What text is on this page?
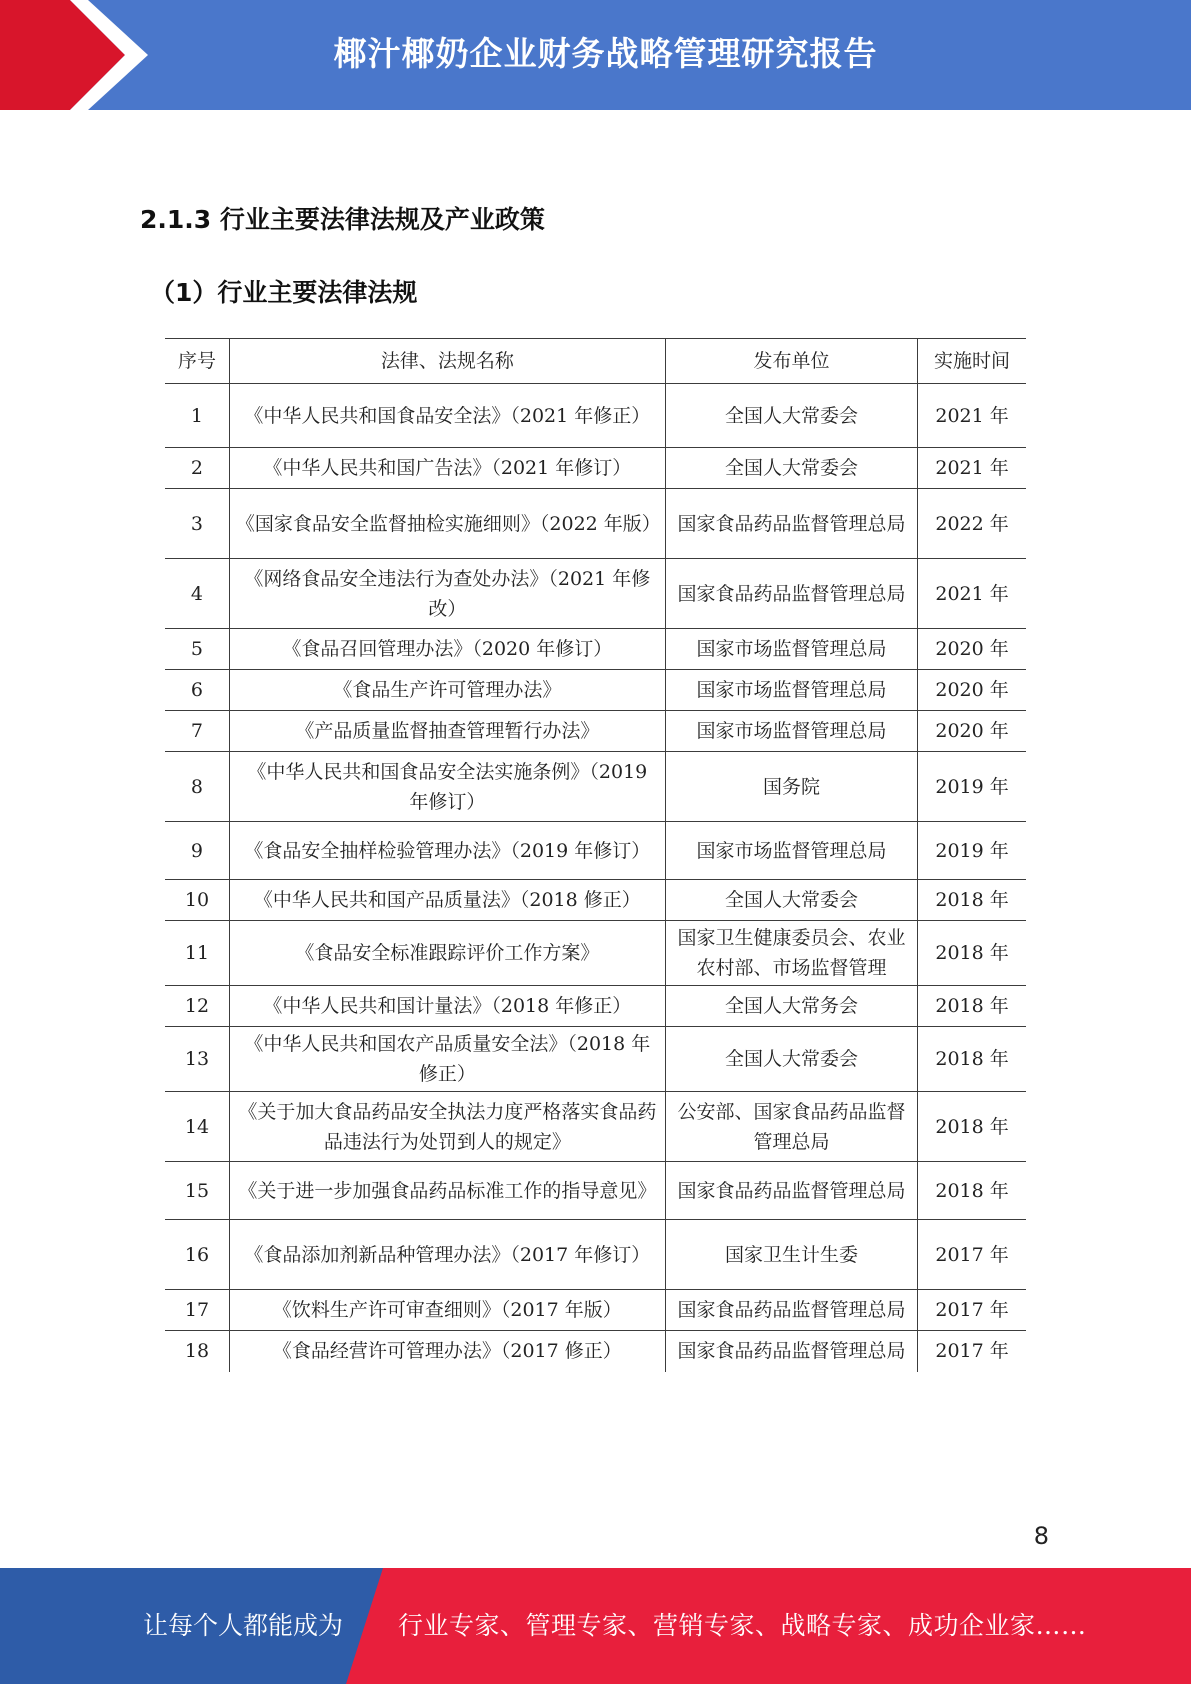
椰汁椰奶企业财务战略管理研究报告
2.1.3 行业主要法律法规及产业政策
（1）行业主要法律法规
序号	法律、法规名称	发布单位	实施时间
1	《中华人民共和国食品安全法》（2021 年修正）	全国人大常委会	2021 年
2	《中华人民共和国广告法》（2021 年修订）	全国人大常委会	2021 年
3	《国家食品安全监督抽检实施细则》（2022 年版）	国家食品药品监督管理总局	2022 年
4	《网络食品安全违法行为查处办法》（2021 年修改）	国家食品药品监督管理总局	2021 年
5	《食品召回管理办法》（2020 年修订）	国家市场监督管理总局	2020 年
6	《食品生产许可管理办法》	国家市场监督管理总局	2020 年
7	《产品质量监督抽查管理暂行办法》	国家市场监督管理总局	2020 年
8	《中华人民共和国食品安全法实施条例》（2019 年修订）	国务院	2019 年
9	《食品安全抽样检验管理办法》（2019 年修订）	国家市场监督管理总局	2019 年
10	《中华人民共和国产品质量法》（2018 修正）	全国人大常委会	2018 年
11	《食品安全标准跟踪评价工作方案》	国家卫生健康委员会、农业农村部、市场监督管理	2018 年
12	《中华人民共和国计量法》（2018 年修正）	全国人大常务会	2018 年
13	《中华人民共和国农产品质量安全法》（2018 年修正）	全国人大常委会	2018 年
14	《关于加大食品药品安全执法力度严格落实食品药品违法行为处罚到人的规定》	公安部、国家食品药品监督管理总局	2018 年
15	《关于进一步加强食品药品标准工作的指导意见》	国家食品药品监督管理总局	2018 年
16	《食品添加剂新品种管理办法》（2017 年修订）	国家卫生计生委	2017 年
17	《饮料生产许可审查细则》（2017 年版）	国家食品药品监督管理总局	2017 年
18	《食品经营许可管理办法》（2017 修正）	国家食品药品监督管理总局	2017 年
8
让每个人都能成为 行业专家、管理专家、营销专家、战略专家、成功企业家……
